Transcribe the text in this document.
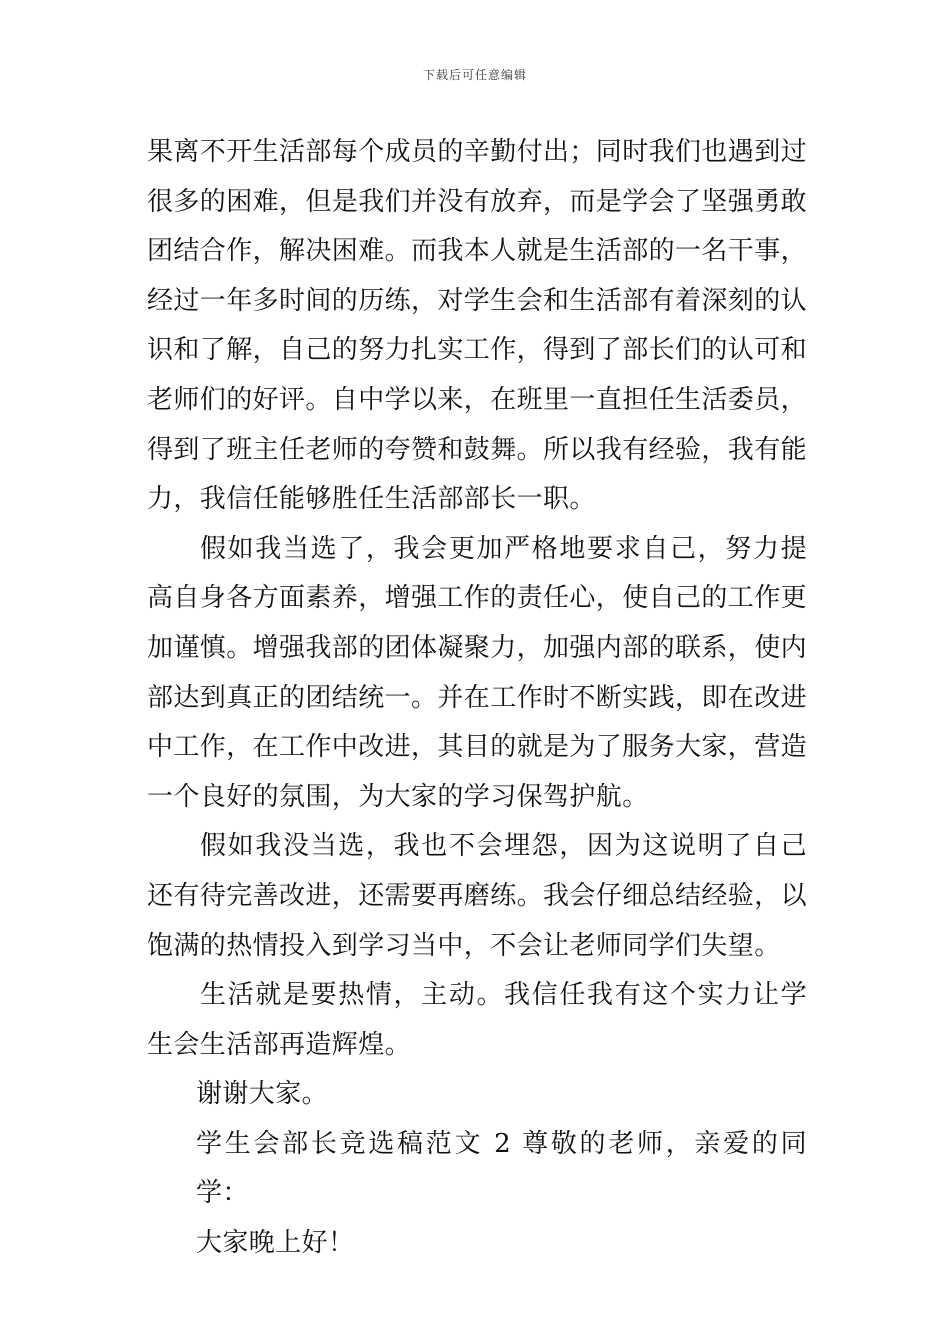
下载后可任意编辑

果离不开生活部每个成员的辛勤付出；同时我们也遇到过很多的困难，但是我们并没有放弃，而是学会了坚强勇敢团结合作，解决困难。而我本人就是生活部的一名干事，经过一年多时间的历练，对学生会和生活部有着深刻的认识和了解，自己的努力扎实工作，得到了部长们的认可和老师们的好评。自中学以来，在班里一直担任生活委员，得到了班主任老师的夸赞和鼓舞。所以我有经验，我有能力，我信任能够胜任生活部部长一职。

假如我当选了，我会更加严格地要求自己，努力提高自身各方面素养，增强工作的责任心，使自己的工作更加谨慎。增强我部的团体凝聚力，加强内部的联系，使内部达到真正的团结统一。并在工作时不断实践，即在改进中工作，在工作中改进，其目的就是为了服务大家，营造一个良好的氛围，为大家的学习保驾护航。

假如我没当选，我也不会埋怨，因为这说明了自己还有待完善改进，还需要再磨练。我会仔细总结经验，以饱满的热情投入到学习当中，不会让老师同学们失望。

生活就是要热情，主动。我信任我有这个实力让学生会生活部再造辉煌。

谢谢大家。

学生会部长竞选稿范文 2 尊敬的老师，亲爱的同学：

大家晚上好！
